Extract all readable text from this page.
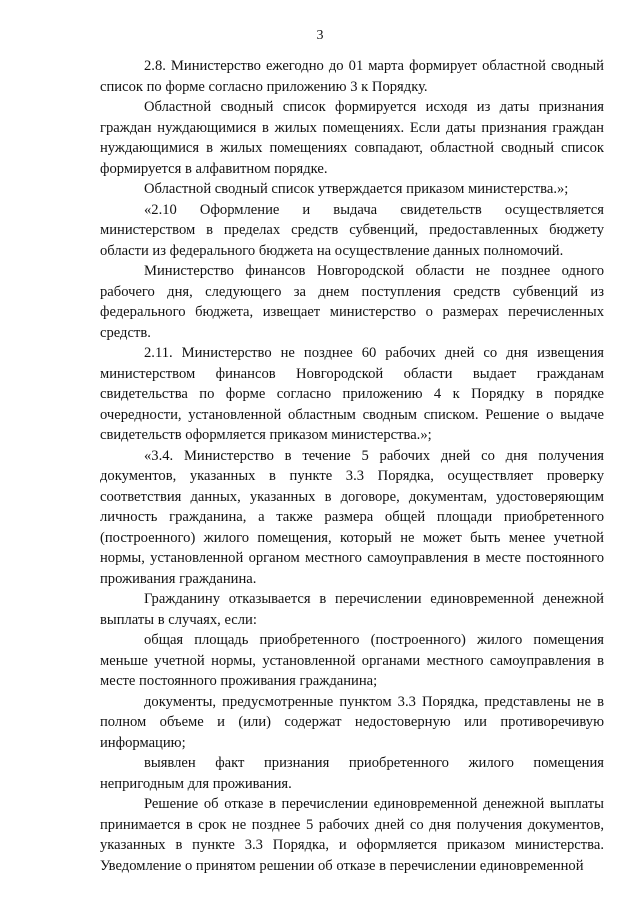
3

2.8. Министерство ежегодно до 01 марта формирует областной сводный список по форме согласно приложению 3 к Порядку.

Областной сводный список формируется исходя из даты признания граждан нуждающимися в жилых помещениях. Если даты признания граждан нуждающимися в жилых помещениях совпадают, областной сводный список формируется в алфавитном порядке.

Областной сводный список утверждается приказом министерства.»;

«2.10 Оформление и выдача свидетельств осуществляется министерством в пределах средств субвенций, предоставленных бюджету области из федерального бюджета на осуществление данных полномочий.

Министерство финансов Новгородской области не позднее одного рабочего дня, следующего за днем поступления средств субвенций из федерального бюджета, извещает министерство о размерах перечисленных средств.

2.11. Министерство не позднее 60 рабочих дней со дня извещения министерством финансов Новгородской области выдает гражданам свидетельства по форме согласно приложению 4 к Порядку в порядке очередности, установленной областным сводным списком. Решение о выдаче свидетельств оформляется приказом министерства.»;

«3.4. Министерство в течение 5 рабочих дней со дня получения документов, указанных в пункте 3.3 Порядка, осуществляет проверку соответствия данных, указанных в договоре, документам, удостоверяющим личность гражданина, а также размера общей площади приобретенного (построенного) жилого помещения, который не может быть менее учетной нормы, установленной органом местного самоуправления в месте постоянного проживания гражданина.

Гражданину отказывается в перечислении единовременной денежной выплаты в случаях, если:

общая площадь приобретенного (построенного) жилого помещения меньше учетной нормы, установленной органами местного самоуправления в месте постоянного проживания гражданина;

документы, предусмотренные пунктом 3.3 Порядка, представлены не в полном объеме и (или) содержат недостоверную или противоречивую информацию;

выявлен факт признания приобретенного жилого помещения непригодным для проживания.

Решение об отказе в перечислении единовременной денежной выплаты принимается в срок не позднее 5 рабочих дней со дня получения документов, указанных в пункте 3.3 Порядка, и оформляется приказом министерства. Уведомление о принятом решении об отказе в перечислении единовременной
